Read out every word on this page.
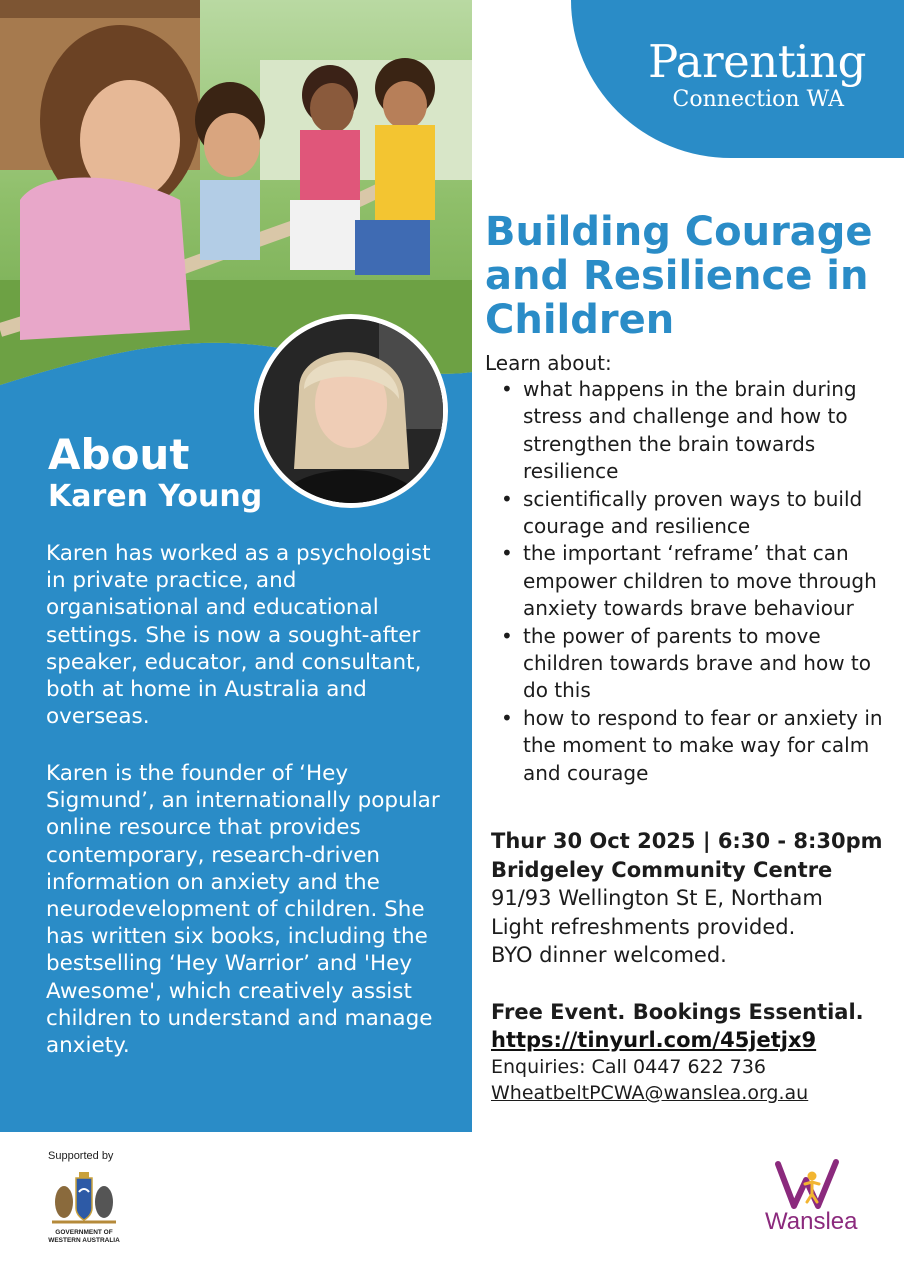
About
Karen Young

Karen has worked as a psychologist in private practice, and organisational and educational settings. She is now a sought-after speaker, educator, and consultant, both at home in Australia and overseas.

Karen is the founder of ‘Hey Sigmund’, an internationally popular online resource that provides contemporary, research-driven information on anxiety and the neurodevelopment of children. She has written six books, including the bestselling ‘Hey Warrior’ and 'Hey Awesome', which creatively assist children to understand and manage anxiety.

Parenting
Connection WA
Building Courage and Resilience in Children
Learn about:
• what happens in the brain during stress and challenge and how to strengthen the brain towards resilience
• scientifically proven ways to build courage and resilience
• the important ‘reframe’ that can empower children to move through anxiety towards brave behaviour
• the power of parents to move children towards brave and how to do this
• how to respond to fear or anxiety in the moment to make way for calm and courage
Thur 30 Oct 2025 | 6:30 - 8:30pm
Bridgeley Community Centre
91/93 Wellington St E, Northam
Light refreshments provided.
BYO dinner welcomed.
Free Event. Bookings Essential.
https://tinyurl.com/45jetjx9
Enquiries: Call 0447 622 736
WheatbeltPCWA@wanslea.org.au
Supported by
GOVERNMENT OF
WESTERN AUSTRALIA
Wanslea
